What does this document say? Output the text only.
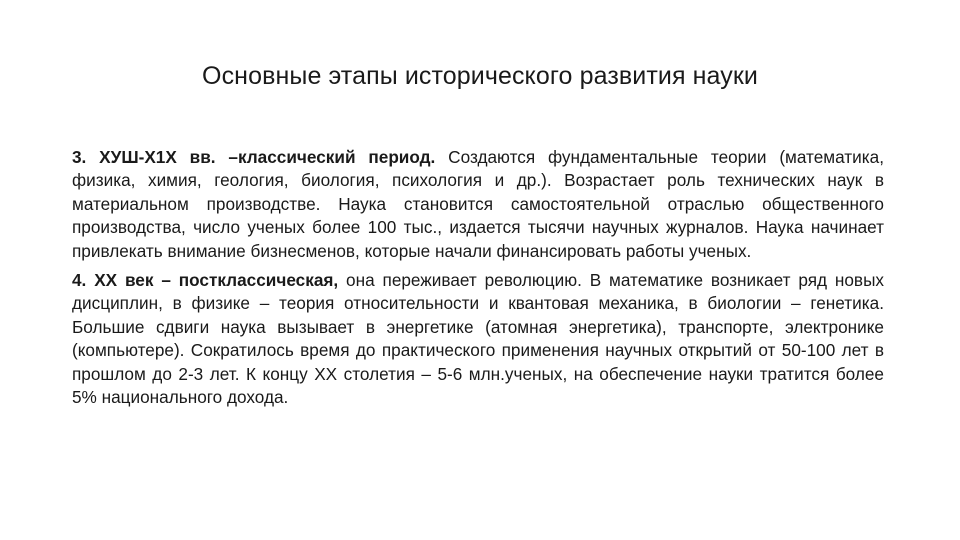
Основные этапы исторического развития науки

3. ХУШ-Х1Х вв. –классический период. Создаются фундаментальные теории (математика, физика, химия, геология, биология, психология и др.). Возрастает роль технических наук в материальном производстве. Наука становится самостоятельной отраслью общественного производства, число ученых более 100 тыс., издается тысячи научных журналов. Наука начинает привлекать внимание бизнесменов, которые начали финансировать работы ученых.

4. ХХ век – постклассическая, она переживает революцию. В математике возникает ряд новых дисциплин, в физике – теория относительности и квантовая механика, в биологии – генетика. Большие сдвиги наука вызывает в энергетике (атомная энергетика), транспорте, электронике (компьютере). Сократилось время до практического применения научных открытий от 50-100 лет в прошлом до 2-3 лет. К концу ХХ столетия – 5-6 млн.ученых, на обеспечение науки тратится более 5% национального дохода.
